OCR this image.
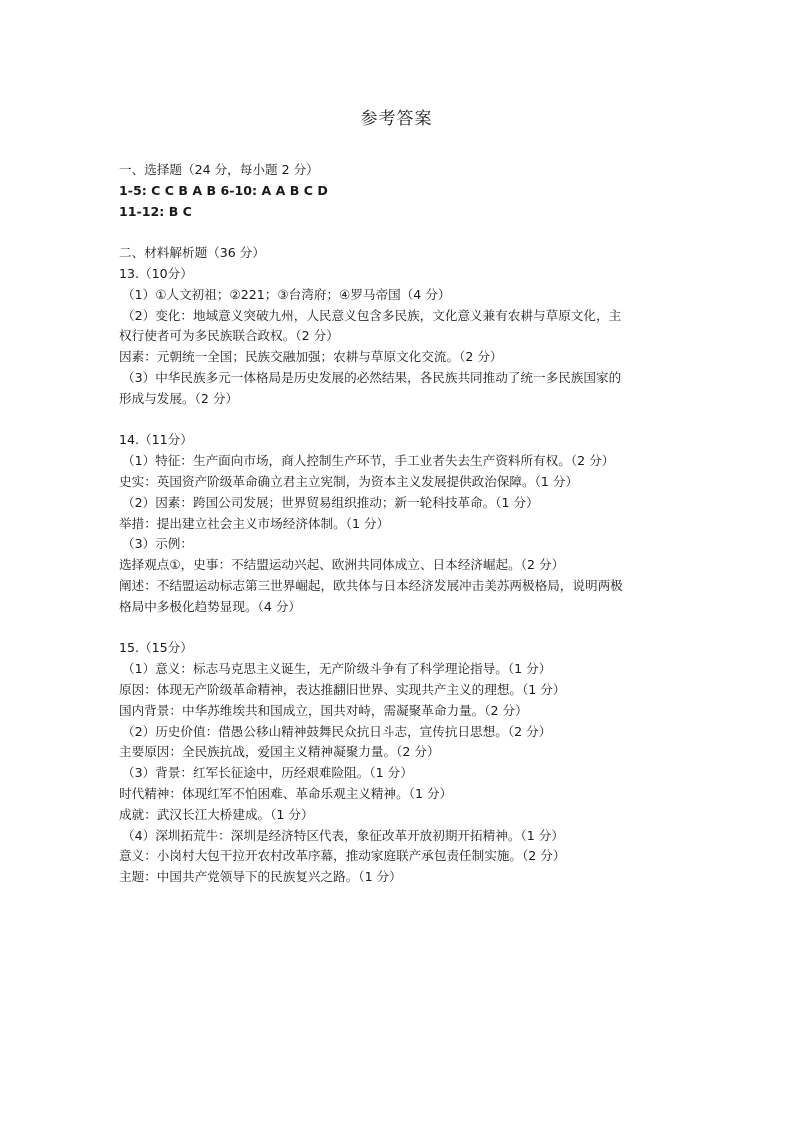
参考答案
一、选择题（24 分，每小题 2 分）
1-5: C C B A B 6-10: A A B C D
11-12: B C
二、材料解析题（36 分）
13.（10分）
（1）①人文初祖；②221；③台湾府；④罗马帝国（4 分）
（2）变化：地域意义突破九州，人民意义包含多民族，文化意义兼有农耕与草原文化，主
权行使者可为多民族联合政权。（2 分）
因素：元朝统一全国；民族交融加强；农耕与草原文化交流。（2 分）
（3）中华民族多元一体格局是历史发展的必然结果，各民族共同推动了统一多民族国家的
形成与发展。（2 分）
14.（11分）
（1）特征：生产面向市场，商人控制生产环节，手工业者失去生产资料所有权。（2 分）
史实：英国资产阶级革命确立君主立宪制，为资本主义发展提供政治保障。（1 分）
（2）因素：跨国公司发展；世界贸易组织推动；新一轮科技革命。（1 分）
举措：提出建立社会主义市场经济体制。（1 分）
（3）示例：
选择观点①，史事：不结盟运动兴起、欧洲共同体成立、日本经济崛起。（2 分）
阐述：不结盟运动标志第三世界崛起，欧共体与日本经济发展冲击美苏两极格局，说明两极
格局中多极化趋势显现。（4 分）
15.（15分）
（1）意义：标志马克思主义诞生，无产阶级斗争有了科学理论指导。（1 分）
原因：体现无产阶级革命精神，表达推翻旧世界、实现共产主义的理想。（1 分）
国内背景：中华苏维埃共和国成立，国共对峙，需凝聚革命力量。（2 分）
（2）历史价值：借愚公移山精神鼓舞民众抗日斗志，宣传抗日思想。（2 分）
主要原因：全民族抗战，爱国主义精神凝聚力量。（2 分）
（3）背景：红军长征途中，历经艰难险阻。（1 分）
时代精神：体现红军不怕困难、革命乐观主义精神。（1 分）
成就：武汉长江大桥建成。（1 分）
（4）深圳拓荒牛：深圳是经济特区代表，象征改革开放初期开拓精神。（1 分）
意义：小岗村大包干拉开农村改革序幕，推动家庭联产承包责任制实施。（2 分）
主题：中国共产党领导下的民族复兴之路。（1 分）
